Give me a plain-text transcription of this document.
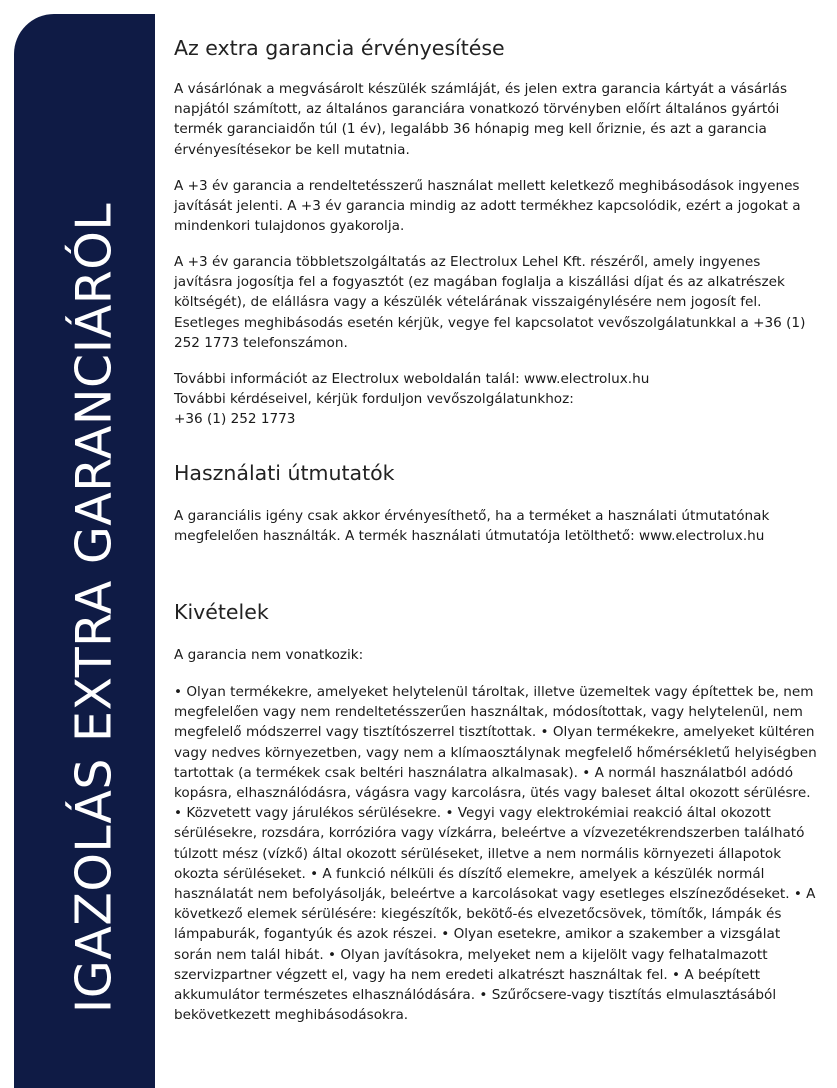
IGAZOLÁS EXTRA GARANCIÁRÓL
Az extra garancia érvényesítése

A vásárlónak a megvásárolt készülék számláját, és jelen extra garancia kártyát a vásárlás napjától számított, az általános garanciára vonatkozó törvényben előírt általános gyártói termék garanciaidőn túl (1 év), legalább 36 hónapig meg kell őriznie, és azt a garancia érvényesítésekor be kell mutatnia.

A +3 év garancia a rendeltetésszerű használat mellett keletkező meghibásodások ingyenes javítását jelenti. A +3 év garancia mindig az adott termékhez kapcsolódik, ezért a jogokat a mindenkori tulajdonos gyakorolja.

A +3 év garancia többletszolgáltatás az Electrolux Lehel Kft. részéről, amely ingyenes javításra jogosítja fel a fogyasztót (ez magában foglalja a kiszállási díjat és az alkatrészek költségét), de elállásra vagy a készülék vételárának visszaigénylésére nem jogosít fel. Esetleges meghibásodás esetén kérjük, vegye fel kapcsolatot vevőszolgálatunkkal a +36 (1) 252 1773 telefonszámon.

További információt az Electrolux weboldalán talál: www.electrolux.hu

További kérdéseivel, kérjük forduljon vevőszolgálatunkhoz:

+36 (1) 252 1773

Használati útmutatók

A garanciális igény csak akkor érvényesíthető, ha a terméket a használati útmutatónak megfelelően használták. A termék használati útmutatója letölthető: www.electrolux.hu

Kivételek

A garancia nem vonatkozik:

• Olyan termékekre, amelyeket helytelenül tároltak, illetve üzemeltek vagy építettek be, nem megfelelően vagy nem rendeltetésszerűen használtak, módosítottak, vagy helytelenül, nem megfelelő módszerrel vagy tisztítószerrel tisztítottak. • Olyan termékekre, amelyeket kültéren vagy nedves környezetben, vagy nem a klímaosztálynak megfelelő hőmérsékletű helyiségben tartottak (a termékek csak beltéri használatra alkalmasak). • A normál használatból adódó kopásra, elhasználódásra, vágásra vagy karcolásra, ütés vagy baleset által okozott sérülésre. • Közvetett vagy járulékos sérülésekre. • Vegyi vagy elektrokémiai reakció által okozott sérülésekre, rozsdára, korrózióra vagy vízkárra, beleértve a vízvezetékrendszerben található túlzott mész (vízkő) által okozott sérüléseket, illetve a nem normális környezeti állapotok okozta sérüléseket. • A funkció nélküli és díszítő elemekre, amelyek a készülék normál használatát nem befolyásolják, beleértve a karcolásokat vagy esetleges elszíneződéseket. • A következő elemek sérülésére: kiegészítők, bekötő-és elvezetőcsövek, tömítők, lámpák és lámpaburák, fogantyúk és azok részei. • Olyan esetekre, amikor a szakember a vizsgálat során nem talál hibát. • Olyan javításokra, melyeket nem a kijelölt vagy felhatalmazott szervizpartner végzett el, vagy ha nem eredeti alkatrészt használtak fel. • A beépített akkumulátor természetes elhasználódására. • Szűrőcsere-vagy tisztítás elmulasztásából bekövetkezett meghibásodásokra.
